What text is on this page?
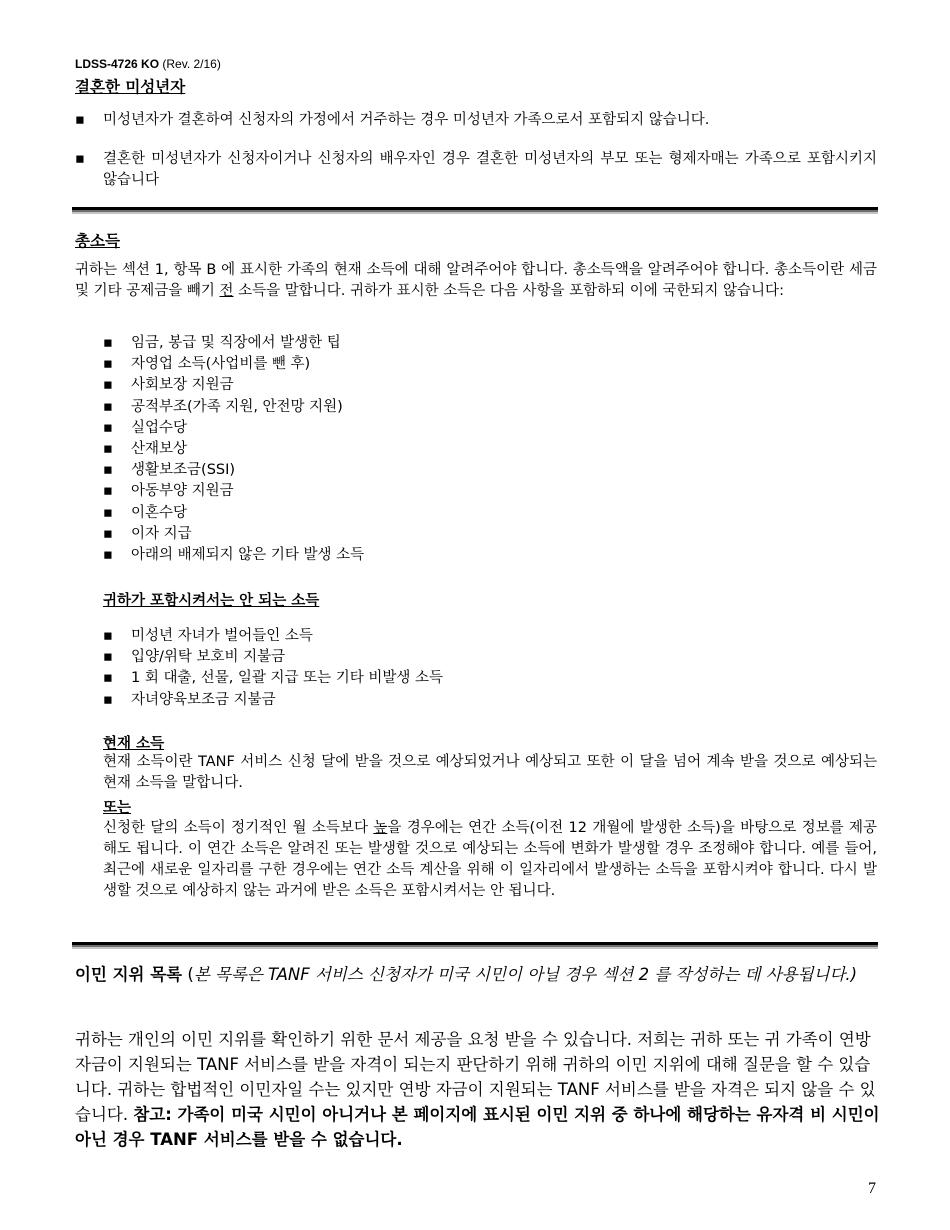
LDSS-4726 KO (Rev. 2/16)
결혼한 미성년자
▪ 미성년자가 결혼하여 신청자의 가정에서 거주하는 경우 미성년자 가족으로서 포함되지 않습니다.
▪ 결혼한 미성년자가 신청자이거나 신청자의 배우자인 경우 결혼한 미성년자의 부모 또는 형제자매는 가족으로 포함시키지 않습니다
총소득
귀하는 섹션 1, 항목 B 에 표시한 가족의 현재 소득에 대해 알려주어야 합니다. 총소득액을 알려주어야 합니다. 총소득이란 세금 및 기타 공제금을 빼기 전 소득을 말합니다. 귀하가 표시한 소득은 다음 사항을 포함하되 이에 국한되지 않습니다:
▪ 임금, 봉급 및 직장에서 발생한 팁
▪ 자영업 소득(사업비를 뺀 후)
▪ 사회보장 지원금
▪ 공적부조(가족 지원, 안전망 지원)
▪ 실업수당
▪ 산재보상
▪ 생활보조금(SSI)
▪ 아동부양 지원금
▪ 이혼수당
▪ 이자 지급
▪ 아래의 배제되지 않은 기타 발생 소득
귀하가 포함시켜서는 안 되는 소득
▪ 미성년 자녀가 벌어들인 소득
▪ 입양/위탁 보호비 지불금
▪ 1 회 대출, 선물, 일괄 지급 또는 기타 비발생 소득
▪ 자녀양육보조금 지불금
현재 소득
현재 소득이란 TANF 서비스 신청 달에 받을 것으로 예상되었거나 예상되고 또한 이 달을 넘어 계속 받을 것으로 예상되는 현재 소득을 말합니다.
또는
신청한 달의 소득이 정기적인 월 소득보다 높을 경우에는 연간 소득(이전 12 개월에 발생한 소득)을 바탕으로 정보를 제공해도 됩니다. 이 연간 소득은 알려진 또는 발생할 것으로 예상되는 소득에 변화가 발생할 경우 조정해야 합니다. 예를 들어, 최근에 새로운 일자리를 구한 경우에는 연간 소득 계산을 위해 이 일자리에서 발생하는 소득을 포함시켜야 합니다. 다시 발생할 것으로 예상하지 않는 과거에 받은 소득은 포함시켜서는 안 됩니다.
이민 지위 목록 (본 목록은 TANF 서비스 신청자가 미국 시민이 아닐 경우 섹션 2 를 작성하는 데 사용됩니다.)
귀하는 개인의 이민 지위를 확인하기 위한 문서 제공을 요청 받을 수 있습니다. 저희는 귀하 또는 귀 가족이 연방 자금이 지원되는 TANF 서비스를 받을 자격이 되는지 판단하기 위해 귀하의 이민 지위에 대해 질문을 할 수 있습니다. 귀하는 합법적인 이민자일 수는 있지만 연방 자금이 지원되는 TANF 서비스를 받을 자격은 되지 않을 수 있습니다. 참고: 가족이 미국 시민이 아니거나 본 페이지에 표시된 이민 지위 중 하나에 해당하는 유자격 비 시민이 아닌 경우 TANF 서비스를 받을 수 없습니다.
7
